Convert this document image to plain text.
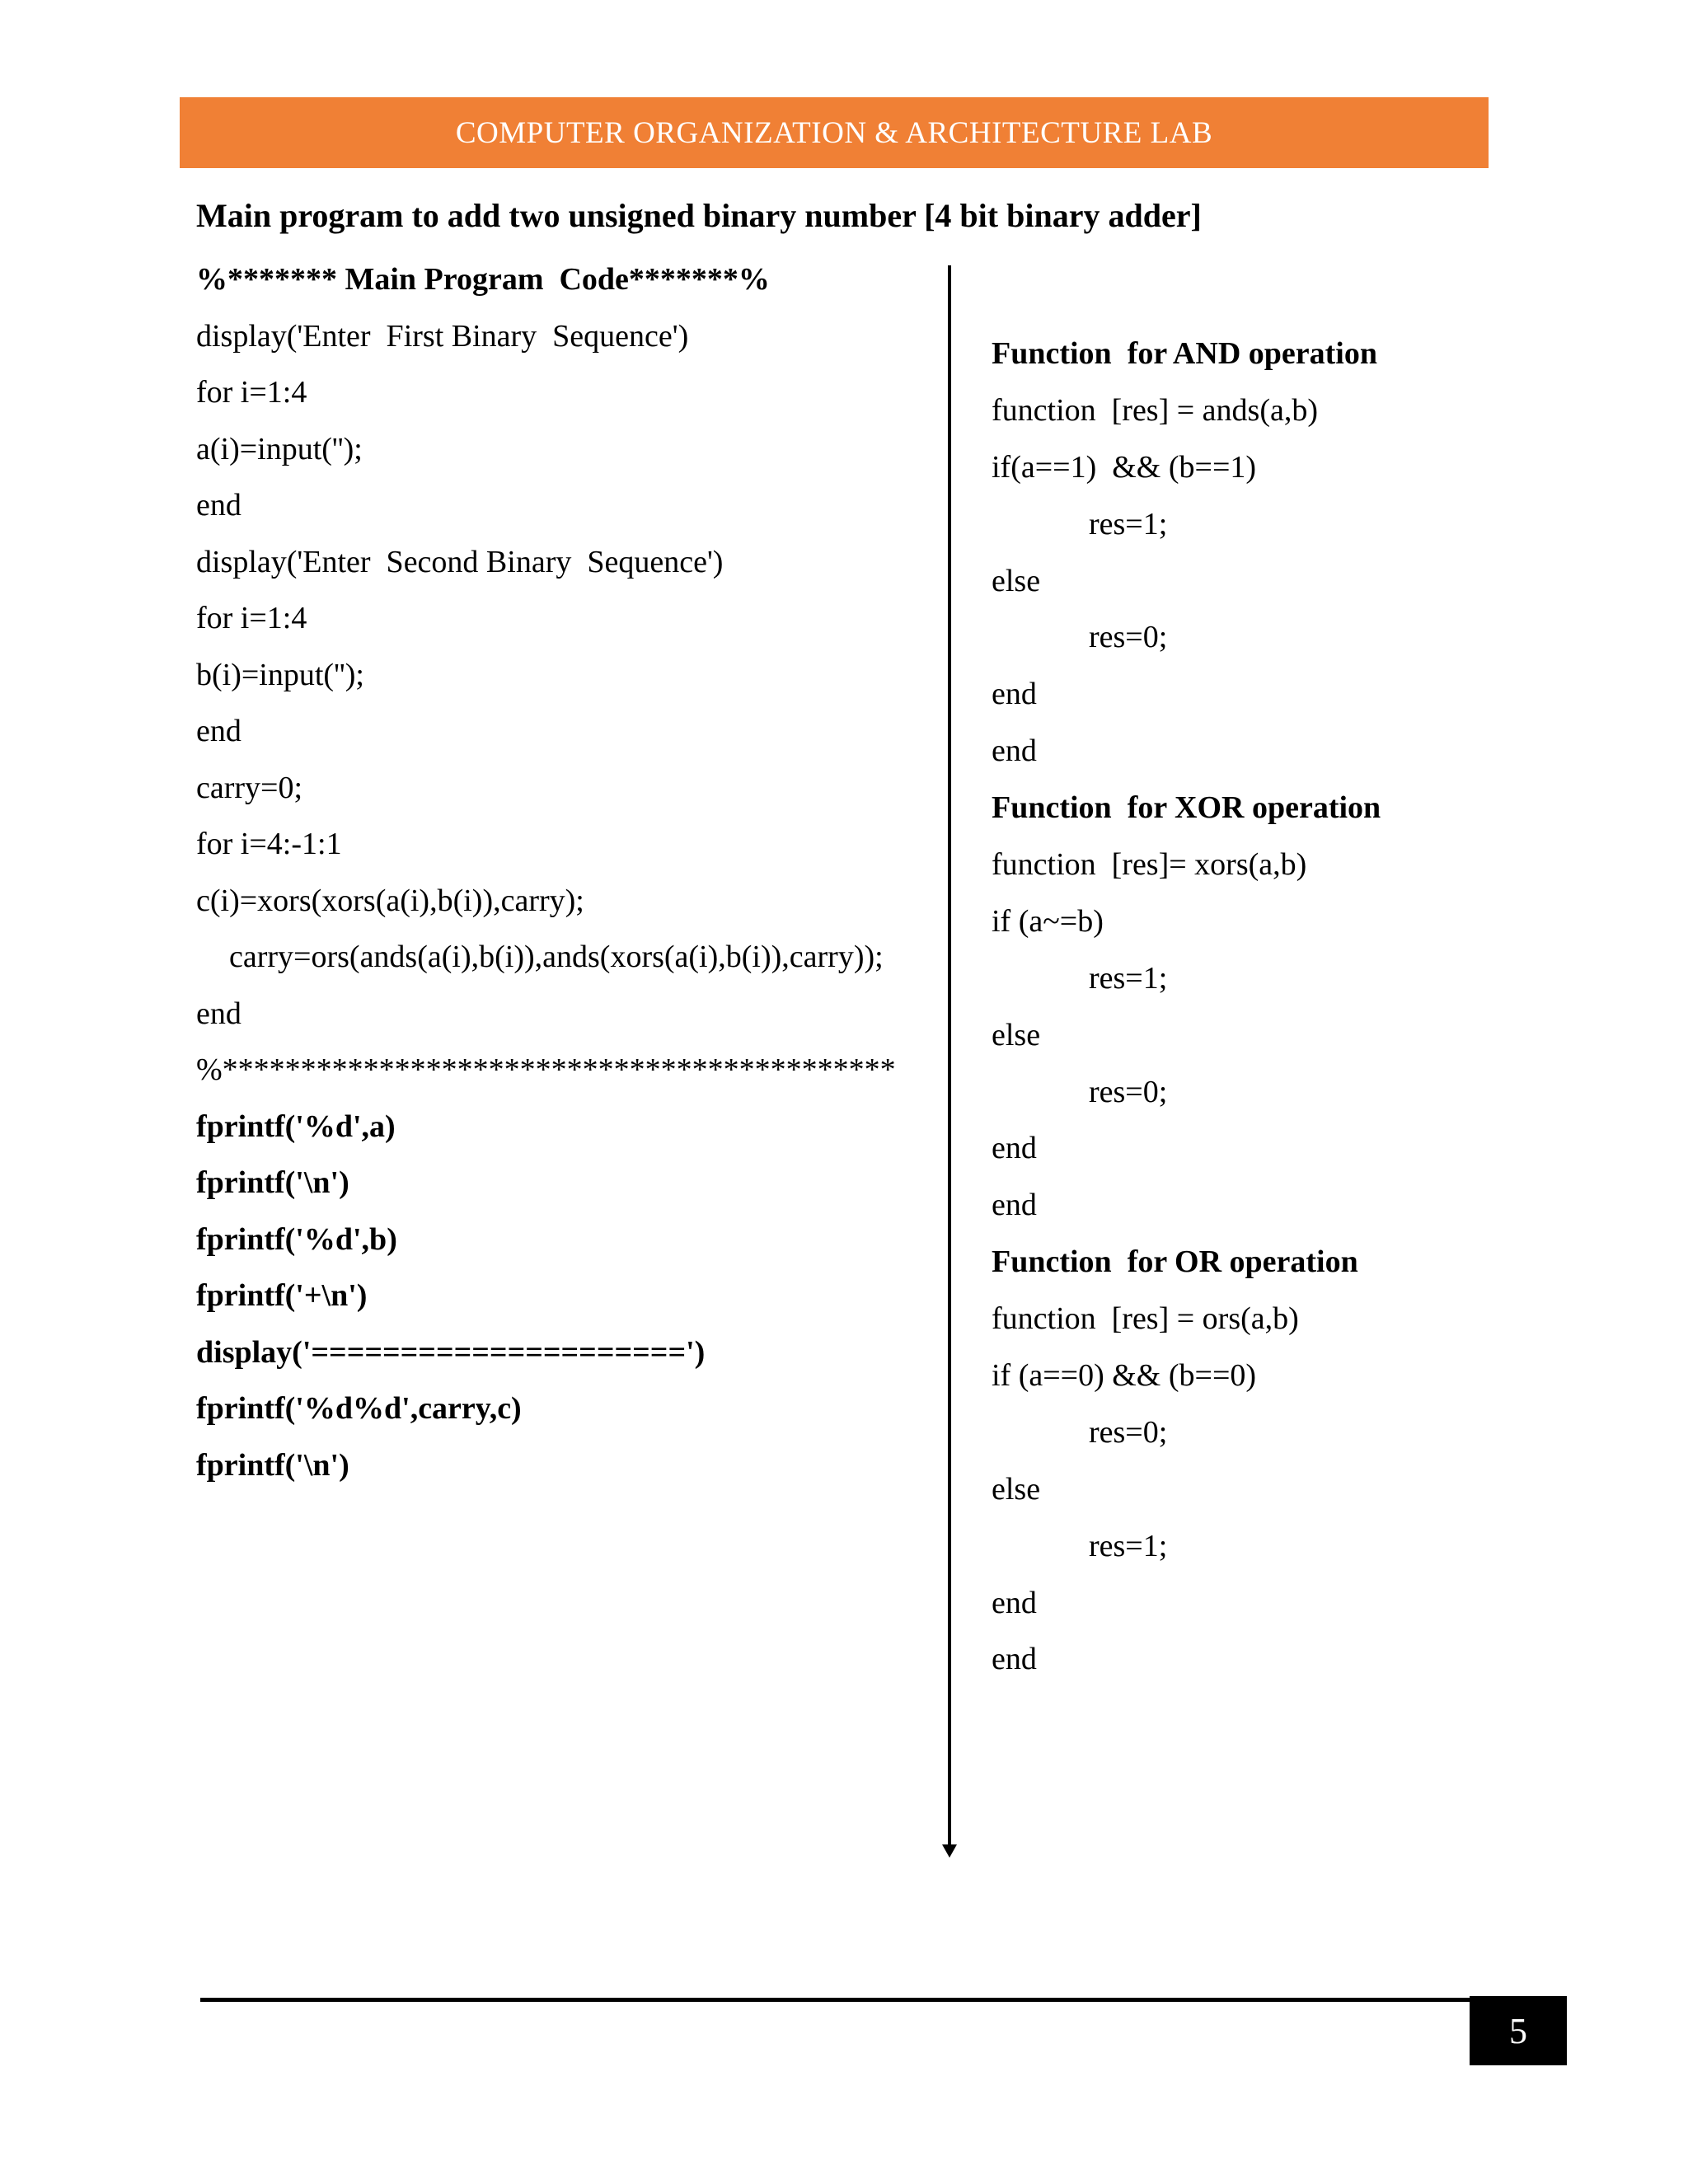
COMPUTER ORGANIZATION & ARCHITECTURE LAB
Main program to add two unsigned binary number [4 bit binary adder]
%******* Main Program  Code*******%
display('Enter  First Binary  Sequence')
for i=1:4
a(i)=input('');
end
display('Enter  Second Binary  Sequence')
for i=1:4
b(i)=input('');
end
carry=0;
for i=4:-1:1
c(i)=xors(xors(a(i),b(i)),carry);
carry=ors(ands(a(i),b(i)),ands(xors(a(i),b(i)),carry));
end
%*******************************************
fprintf('%d',a)
fprintf('\n')
fprintf('%d',b)
fprintf('+\n')
display('=====================')
fprintf('%d%d',carry,c)
fprintf('\n')
Function  for AND operation
function  [res] = ands(a,b)
if(a==1)  && (b==1)
res=1;
else
res=0;
end
end
Function  for XOR operation
function  [res]= xors(a,b)
if (a~=b)
res=1;
else
res=0;
end
end
Function  for OR operation
function  [res] = ors(a,b)
if (a==0) && (b==0)
res=0;
else
res=1;
end
end
5
